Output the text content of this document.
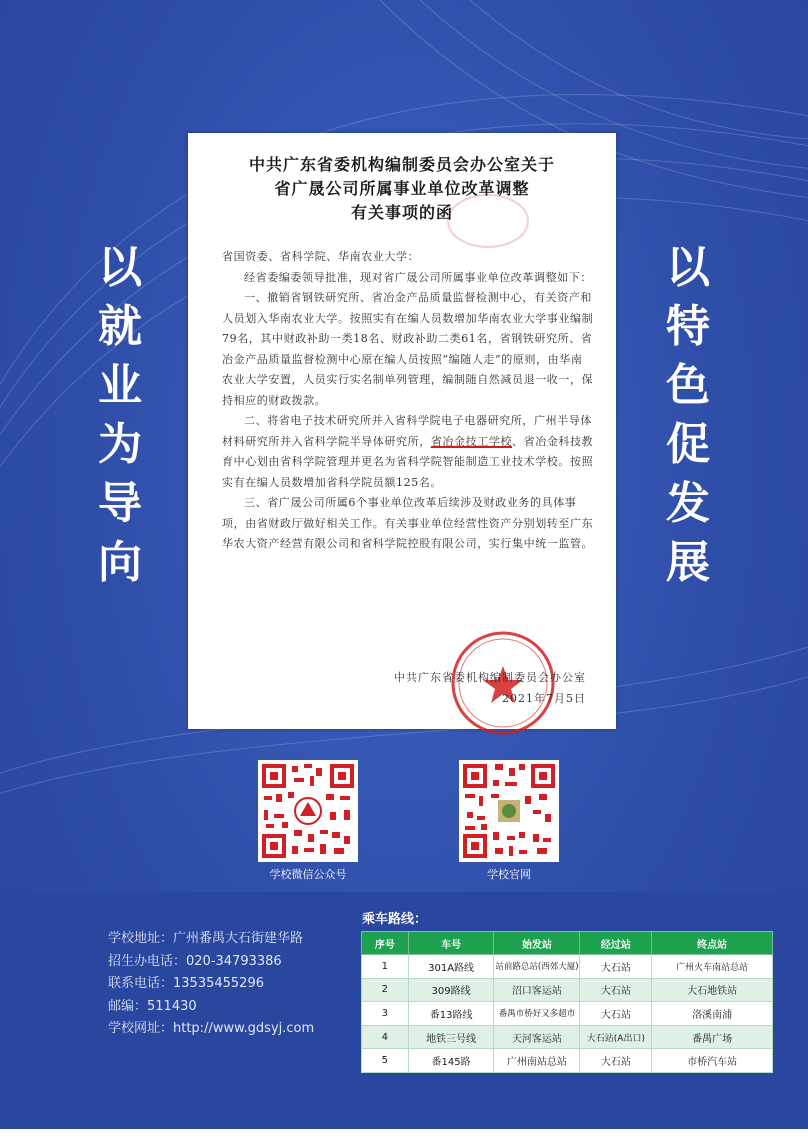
中共广东省委机构编制委员会办公室关于
省广晟公司所属事业单位改革调整
有关事项的函

省国资委、省科学院、华南农业大学：

经省委编委领导批准，现对省广晟公司所属事业单位改革调整如下：

一、撤销省钢铁研究所、省冶金产品质量监督检测中心，有关资产和人员划入华南农业大学。按照实有在编人员数增加华南农业大学事业编制79名，其中财政补助一类18名、财政补助二类61名，省钢铁研究所、省冶金产品质量监督检测中心原在编人员按照“编随人走”的原则，由华南农业大学安置，人员实行实名制单列管理，编制随自然减员退一收一，保持相应的财政拨款。

二、将省电子技术研究所并入省科学院电子电器研究所，广州半导体材料研究所并入省科学院半导体研究所，省冶金技工学校、省冶金科技教育中心划由省科学院管理并更名为省科学院智能制造工业技术学校。按照实有在编人员数增加省科学院员额125名。

三、省广晟公司所属6个事业单位改革后续涉及财政业务的具体事项，由省财政厅做好相关工作。有关事业单位经营性资产分别划转至广东华农大资产经营有限公司和省科学院控股有限公司，实行集中统一监管。

中共广东省委机构编制委员会办公室
2021年7月5日
以就业为导向
以特色促发展
学校微信公众号	学校官网
学校地址：广州番禺大石街建华路
招生办电话：020-34793386
联系电话：13535455296
邮编：511430
学校网址：http://www.gdsyj.com
乘车路线：
序号	车号	始发站	经过站	终点站
1	301A路线	站前路总站(西郊大厦)	大石站	广州火车南站总站
2	309路线	沼口客运站	大石站	大石地铁站
3	番13路线	番禺市桥好又多超市	大石站	洛溪南浦
4	地铁三号线	天河客运站	大石站(A出口)	番禺广场
5	番145路	广州南站总站	大石站	市桥汽车站
